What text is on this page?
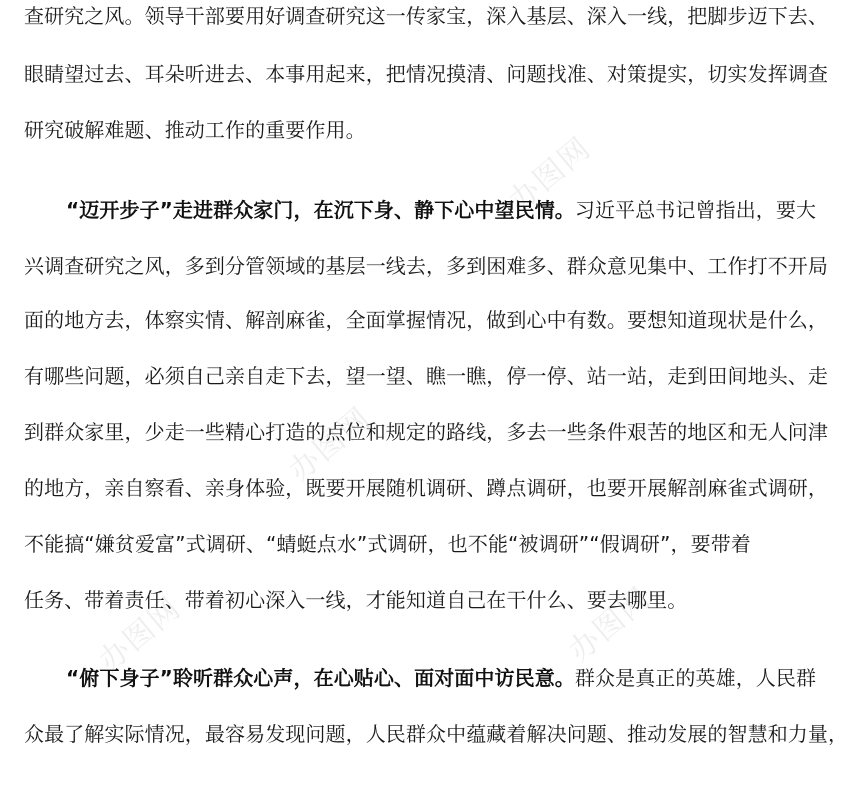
办图网
办图网
办图网
办图网
查研究之风。领导干部要用好调查研究这一传家宝，深入基层、深入一线，把脚步迈下去、
眼睛望过去、耳朵听进去、本事用起来，把情况摸清、问题找准、对策提实，切实发挥调查
研究破解难题、推动工作的重要作用。
“迈开步子”走进群众家门，在沉下身、静下心中望民情。习近平总书记曾指出，要大
兴调查研究之风，多到分管领域的基层一线去，多到困难多、群众意见集中、工作打不开局
面的地方去，体察实情、解剖麻雀，全面掌握情况，做到心中有数。要想知道现状是什么，
有哪些问题，必须自己亲自走下去，望一望、瞧一瞧，停一停、站一站，走到田间地头、走
到群众家里，少走一些精心打造的点位和规定的路线，多去一些条件艰苦的地区和无人问津
的地方，亲自察看、亲身体验，既要开展随机调研、蹲点调研，也要开展解剖麻雀式调研，
不能搞“嫌贫爱富”式调研、“蜻蜓点水”式调研，也不能“被调研”“假调研”，要带着
任务、带着责任、带着初心深入一线，才能知道自己在干什么、要去哪里。
“俯下身子”聆听群众心声，在心贴心、面对面中访民意。群众是真正的英雄，人民群
众最了解实际情况，最容易发现问题，人民群众中蕴藏着解决问题、推动发展的智慧和力量，
